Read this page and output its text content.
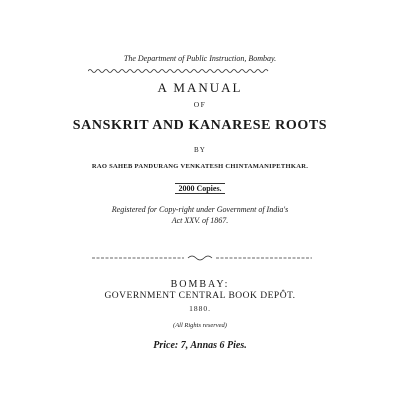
The Department of Public Instruction, Bombay.
A MANUAL
OF
SANSKRIT AND KANARESE ROOTS
BY
RAO SAHEB PANDURANG VENKATESH CHINTAMANIPETHKAR.
2000 Copies.
Registered for Copy-right under Government of India's
Act XXV. of 1867.
BOMBAY:
GOVERNMENT CENTRAL BOOK DEPÔT.
1880.
(All Rights reserved)
Price: 7, Annas 6 Pies.
